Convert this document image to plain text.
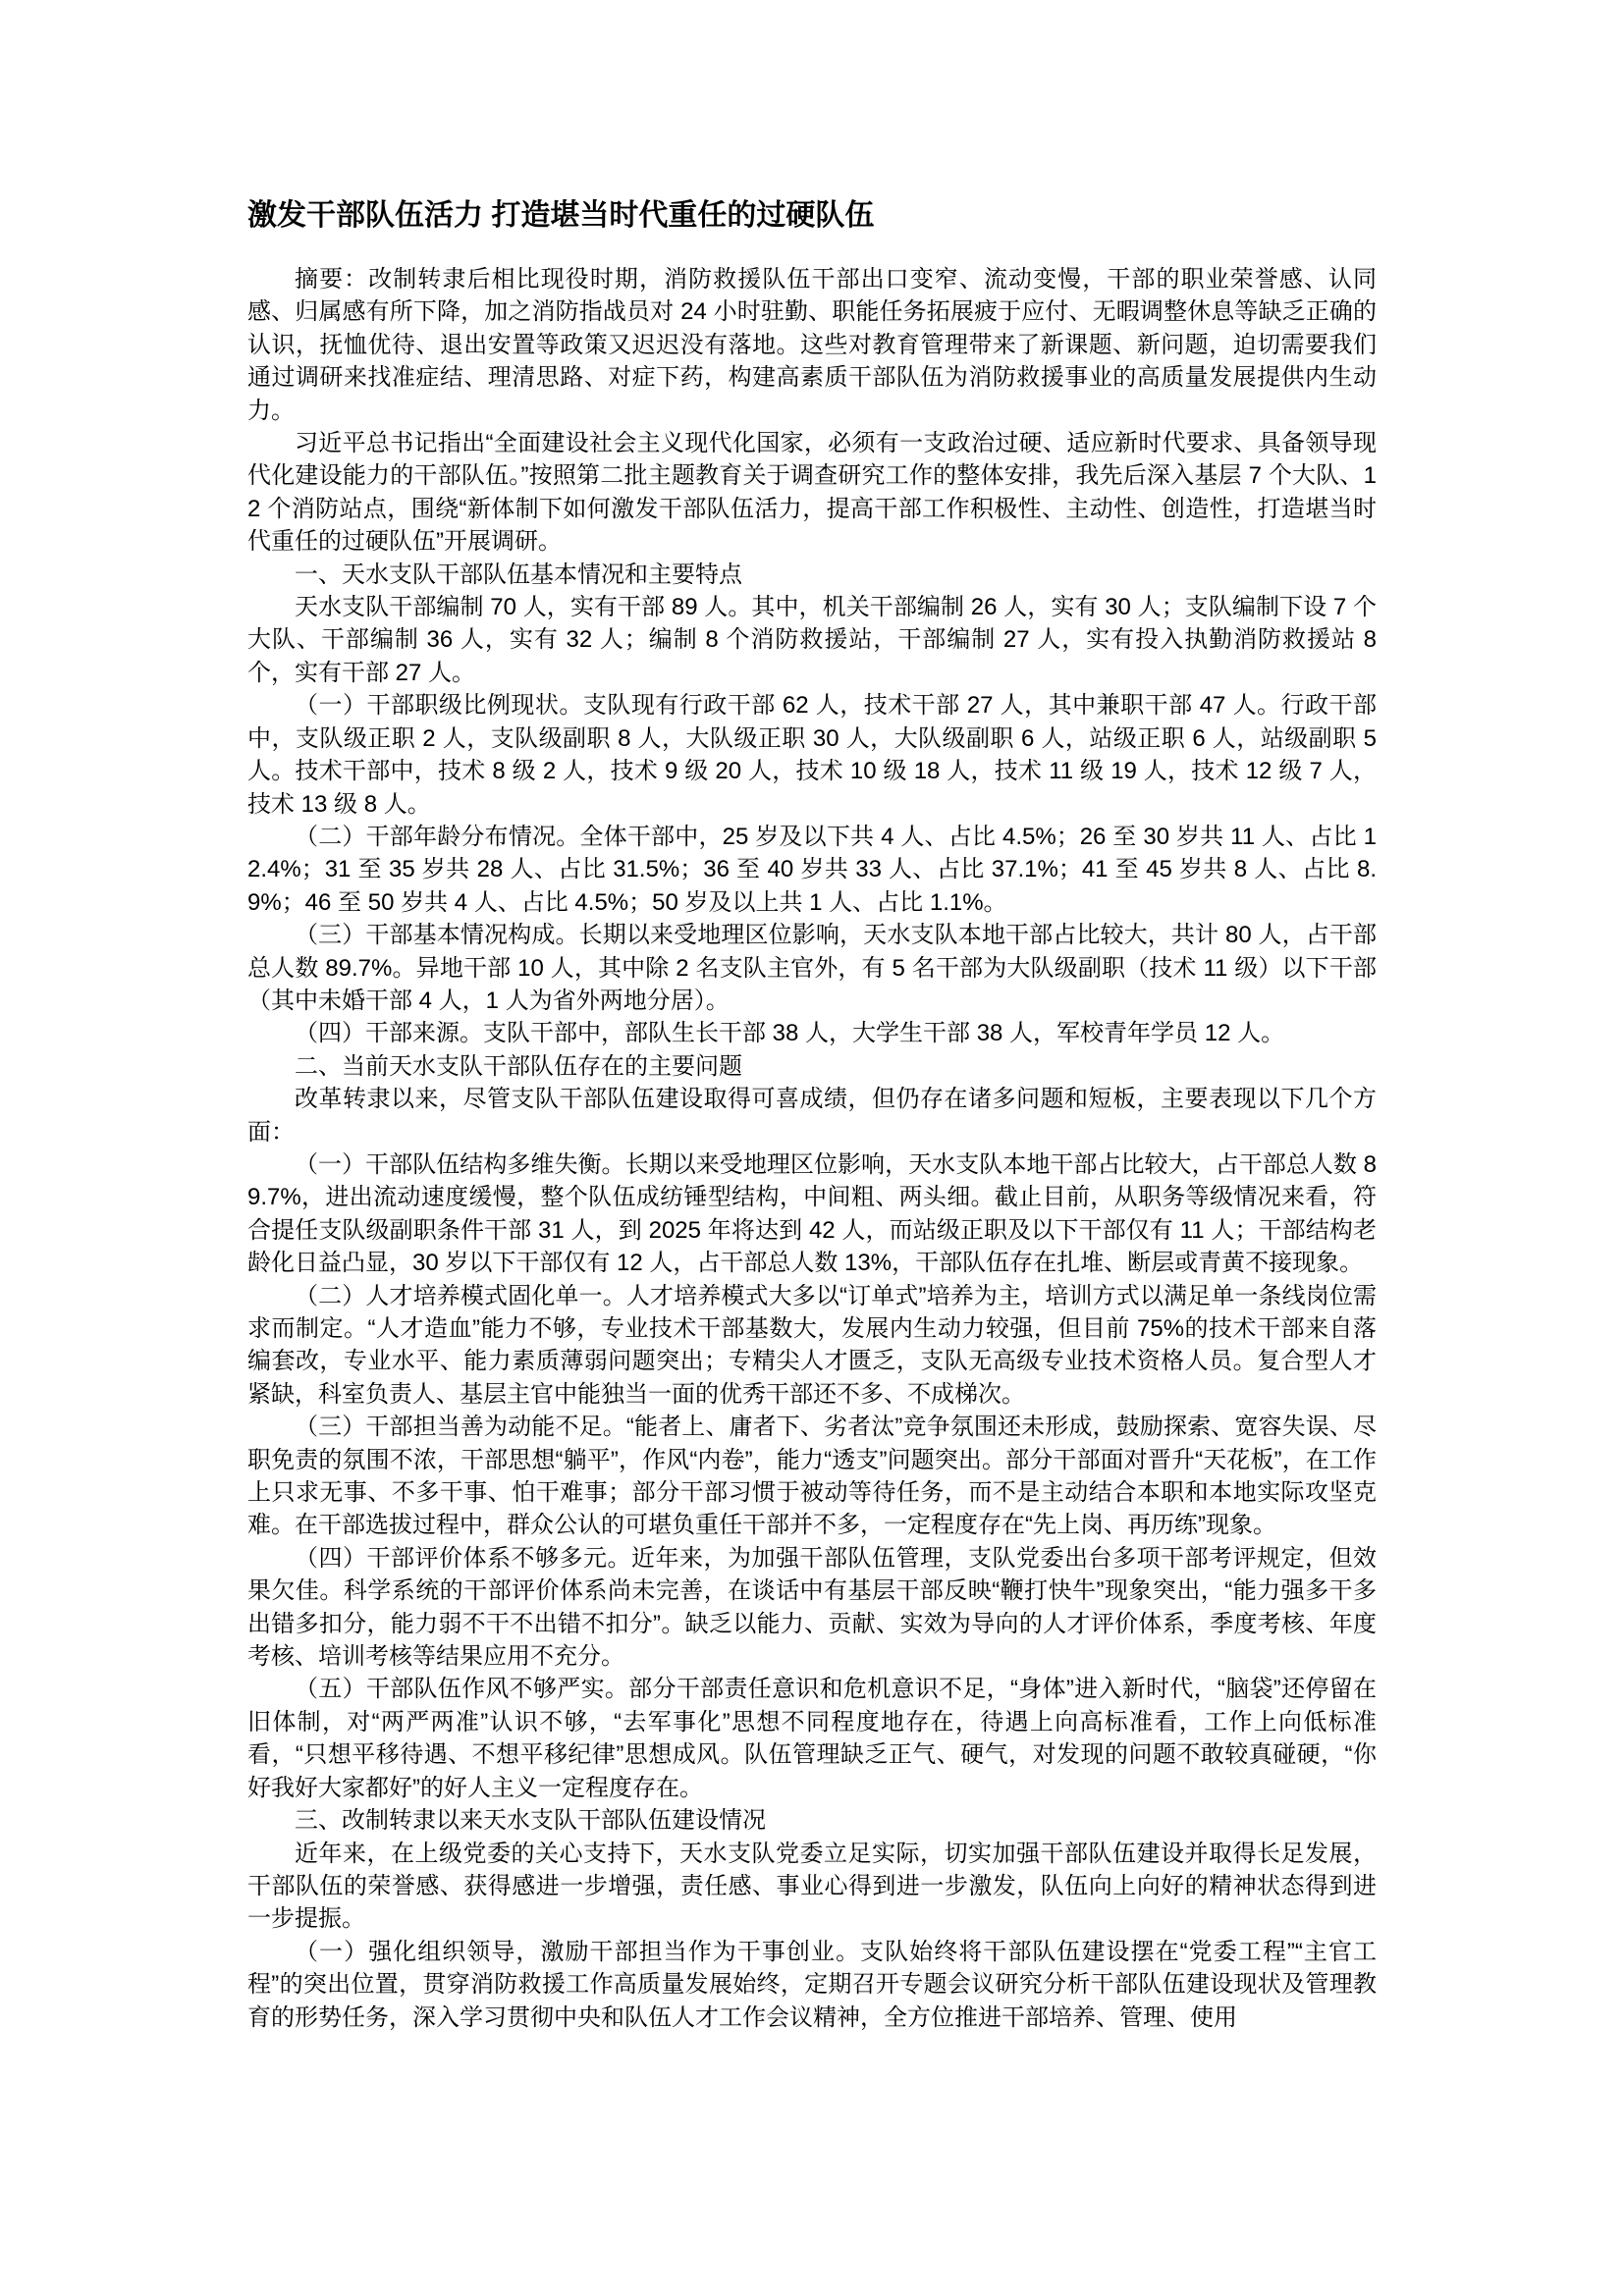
激发干部队伍活力 打造堪当时代重任的过硬队伍

摘要：改制转隶后相比现役时期，消防救援队伍干部出口变窄、流动变慢，干部的职业荣誉感、认同感、归属感有所下降，加之消防指战员对 24 小时驻勤、职能任务拓展疲于应付、无暇调整休息等缺乏正确的认识，抚恤优待、退出安置等政策又迟迟没有落地。这些对教育管理带来了新课题、新问题，迫切需要我们通过调研来找准症结、理清思路、对症下药，构建高素质干部队伍为消防救援事业的高质量发展提供内生动力。

习近平总书记指出“全面建设社会主义现代化国家，必须有一支政治过硬、适应新时代要求、具备领导现代化建设能力的干部队伍。”按照第二批主题教育关于调查研究工作的整体安排，我先后深入基层 7 个大队、12 个消防站点，围绕“新体制下如何激发干部队伍活力，提高干部工作积极性、主动性、创造性，打造堪当时代重任的过硬队伍”开展调研。

一、天水支队干部队伍基本情况和主要特点

天水支队干部编制 70 人，实有干部 89 人。其中，机关干部编制 26 人，实有 30 人；支队编制下设 7 个大队、干部编制 36 人，实有 32 人；编制 8 个消防救援站，干部编制 27 人，实有投入执勤消防救援站 8 个，实有干部 27 人。

（一）干部职级比例现状。支队现有行政干部 62 人，技术干部 27 人，其中兼职干部 47 人。行政干部中，支队级正职 2 人，支队级副职 8 人，大队级正职 30 人，大队级副职 6 人，站级正职 6 人，站级副职 5 人。技术干部中，技术 8 级 2 人，技术 9 级 20 人，技术 10 级 18 人，技术 11 级 19 人，技术 12 级 7 人，技术 13 级 8 人。

（二）干部年龄分布情况。全体干部中，25 岁及以下共 4 人、占比 4.5%；26 至 30 岁共 11 人、占比 12.4%；31 至 35 岁共 28 人、占比 31.5%；36 至 40 岁共 33 人、占比 37.1%；41 至 45 岁共 8 人、占比 8.9%；46 至 50 岁共 4 人、占比 4.5%；50 岁及以上共 1 人、占比 1.1%。

（三）干部基本情况构成。长期以来受地理区位影响，天水支队本地干部占比较大，共计 80 人，占干部总人数 89.7%。异地干部 10 人，其中除 2 名支队主官外，有 5 名干部为大队级副职（技术 11 级）以下干部（其中未婚干部 4 人，1 人为省外两地分居）。

（四）干部来源。支队干部中，部队生长干部 38 人，大学生干部 38 人，军校青年学员 12 人。

二、当前天水支队干部队伍存在的主要问题

改革转隶以来，尽管支队干部队伍建设取得可喜成绩，但仍存在诸多问题和短板，主要表现以下几个方面：

（一）干部队伍结构多维失衡。长期以来受地理区位影响，天水支队本地干部占比较大，占干部总人数 89.7%，进出流动速度缓慢，整个队伍成纺锤型结构，中间粗、两头细。截止目前，从职务等级情况来看，符合提任支队级副职条件干部 31 人，到 2025 年将达到 42 人，而站级正职及以下干部仅有 11 人；干部结构老龄化日益凸显，30 岁以下干部仅有 12 人，占干部总人数 13%，干部队伍存在扎堆、断层或青黄不接现象。

（二）人才培养模式固化单一。人才培养模式大多以“订单式”培养为主，培训方式以满足单一条线岗位需求而制定。“人才造血”能力不够，专业技术干部基数大，发展内生动力较强，但目前 75%的技术干部来自落编套改，专业水平、能力素质薄弱问题突出；专精尖人才匮乏，支队无高级专业技术资格人员。复合型人才紧缺，科室负责人、基层主官中能独当一面的优秀干部还不多、不成梯次。

（三）干部担当善为动能不足。“能者上、庸者下、劣者汰”竞争氛围还未形成，鼓励探索、宽容失误、尽职免责的氛围不浓，干部思想“躺平”，作风“内卷”，能力“透支”问题突出。部分干部面对晋升“天花板”，在工作上只求无事、不多干事、怕干难事；部分干部习惯于被动等待任务，而不是主动结合本职和本地实际攻坚克难。在干部选拔过程中，群众公认的可堪负重任干部并不多，一定程度存在“先上岗、再历练”现象。

（四）干部评价体系不够多元。近年来，为加强干部队伍管理，支队党委出台多项干部考评规定，但效果欠佳。科学系统的干部评价体系尚未完善，在谈话中有基层干部反映“鞭打快牛”现象突出，“能力强多干多出错多扣分，能力弱不干不出错不扣分”。缺乏以能力、贡献、实效为导向的人才评价体系，季度考核、年度考核、培训考核等结果应用不充分。

（五）干部队伍作风不够严实。部分干部责任意识和危机意识不足，“身体”进入新时代，“脑袋”还停留在旧体制，对“两严两准”认识不够，“去军事化”思想不同程度地存在，待遇上向高标准看，工作上向低标准看，“只想平移待遇、不想平移纪律”思想成风。队伍管理缺乏正气、硬气，对发现的问题不敢较真碰硬，“你好我好大家都好”的好人主义一定程度存在。

三、改制转隶以来天水支队干部队伍建设情况

近年来，在上级党委的关心支持下，天水支队党委立足实际，切实加强干部队伍建设并取得长足发展，干部队伍的荣誉感、获得感进一步增强，责任感、事业心得到进一步激发，队伍向上向好的精神状态得到进一步提振。

（一）强化组织领导，激励干部担当作为干事创业。支队始终将干部队伍建设摆在“党委工程”“主官工程”的突出位置，贯穿消防救援工作高质量发展始终，定期召开专题会议研究分析干部队伍建设现状及管理教育的形势任务，深入学习贯彻中央和队伍人才工作会议精神，全方位推进干部培养、管理、使用
